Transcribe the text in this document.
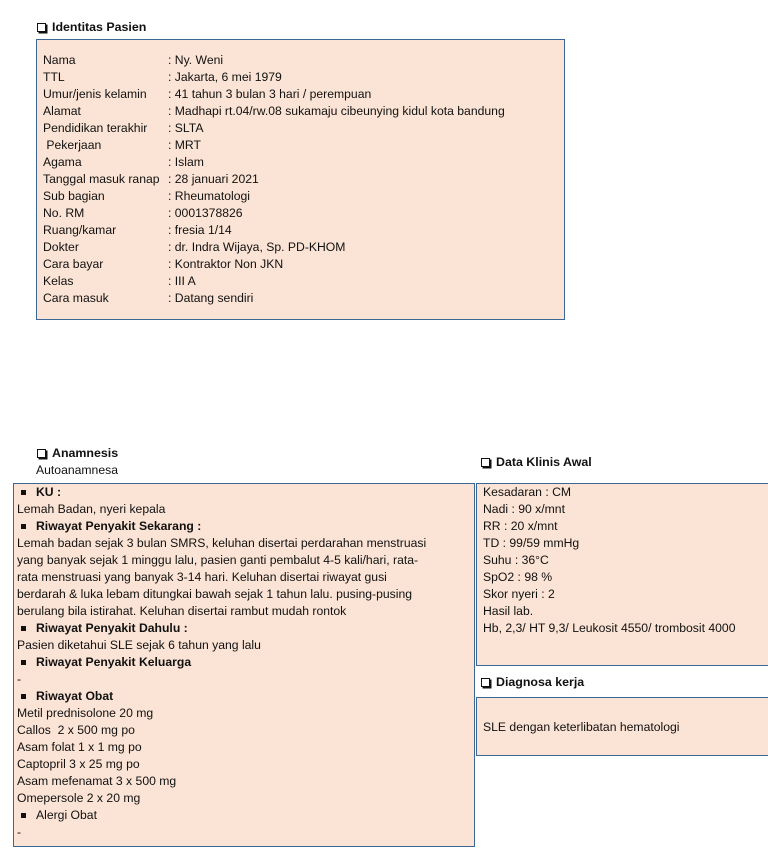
Identitas Pasien
Nama	: Ny. Weni
TTL	: Jakarta, 6 mei 1979
Umur/jenis kelamin	: 41 tahun 3 bulan 3 hari / perempuan
Alamat	: Madhapi rt.04/rw.08 sukamaju cibeunying kidul kota bandung
Pendidikan terakhir	: SLTA
Pekerjaan	: MRT
Agama	: Islam
Tanggal masuk ranap : 28 januari 2021
Sub bagian	: Rheumatologi
No. RM	: 0001378826
Ruang/kamar	: fresia 1/14
Dokter	: dr. Indra Wijaya, Sp. PD-KHOM
Cara bayar	: Kontraktor Non JKN
Kelas	: III A
Cara masuk	: Datang sendiri
Anamnesis
Autoanamnesa
KU :
Lemah Badan, nyeri kepala
Riwayat Penyakit Sekarang :
Lemah badan sejak 3 bulan SMRS, keluhan disertai perdarahan menstruasi
yang banyak sejak 1 minggu lalu, pasien ganti pembalut 4-5 kali/hari, rata-
rata menstruasi yang banyak 3-14 hari. Keluhan disertai riwayat gusi
berdarah & luka lebam ditungkai bawah sejak 1 tahun lalu. pusing-pusing
berulang bila istirahat. Keluhan disertai rambut mudah rontok
Riwayat Penyakit Dahulu :
Pasien diketahui SLE sejak 6 tahun yang lalu
Riwayat Penyakit Keluarga
-
Riwayat Obat
Metil prednisolone 20 mg
Callos  2 x 500 mg po
Asam folat 1 x 1 mg po
Captopril 3 x 25 mg po
Asam mefenamat 3 x 500 mg
Omepersole 2 x 20 mg
Alergi Obat
-
Data Klinis Awal
Kesadaran : CM
Nadi : 90 x/mnt
RR : 20 x/mnt
TD : 99/59 mmHg
Suhu : 36°C
SpO2 : 98 %
Skor nyeri : 2
Hasil lab.
Hb, 2,3/ HT 9,3/ Leukosit 4550/ trombosit 4000
Diagnosa kerja
SLE dengan keterlibatan hematologi
